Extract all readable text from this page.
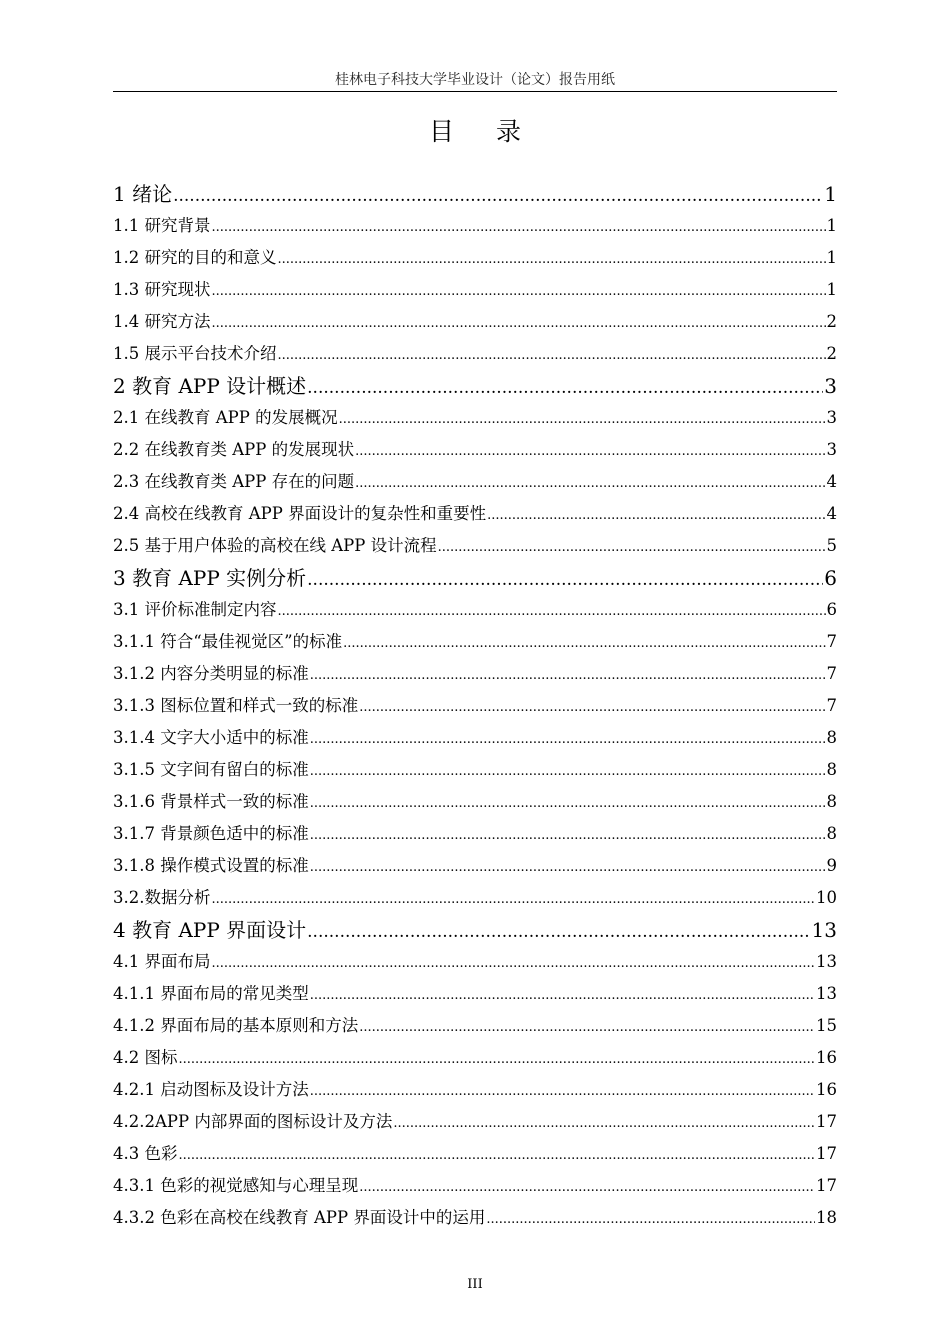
桂林电子科技大学毕业设计（论文）报告用纸
目录
1 绪论 .....	1
1.1 研究背景 .....	1
1.2 研究的目的和意义 .....	1
1.3 研究现状 .....	1
1.4 研究方法 .....	2
1.5 展示平台技术介绍 .....	2
2 教育 APP 设计概述 .....	3
2.1 在线教育 APP 的发展概况 .....	3
2.2 在线教育类 APP 的发展现状 .....	3
2.3 在线教育类 APP 存在的问题 .....	4
2.4 高校在线教育 APP 界面设计的复杂性和重要性 .....	4
2.5 基于用户体验的高校在线 APP 设计流程 .....	5
3 教育 APP 实例分析 .....	6
3.1 评价标准制定内容 .....	6
3.1.1 符合“最佳视觉区”的标准 .....	7
3.1.2 内容分类明显的标准 .....	7
3.1.3 图标位置和样式一致的标准 .....	7
3.1.4 文字大小适中的标准 .....	8
3.1.5 文字间有留白的标准 .....	8
3.1.6 背景样式一致的标准 .....	8
3.1.7 背景颜色适中的标准 .....	8
3.1.8 操作模式设置的标准 .....	9
3.2.数据分析 .....	10
4 教育 APP 界面设计 .....	13
4.1 界面布局 .....	13
4.1.1 界面布局的常见类型 .....	13
4.1.2 界面布局的基本原则和方法 .....	15
4.2 图标 .....	16
4.2.1 启动图标及设计方法 .....	16
4.2.2APP 内部界面的图标设计及方法 .....	17
4.3 色彩 .....	17
4.3.1 色彩的视觉感知与心理呈现 .....	17
4.3.2 色彩在高校在线教育 APP 界面设计中的运用 .....	18
III
